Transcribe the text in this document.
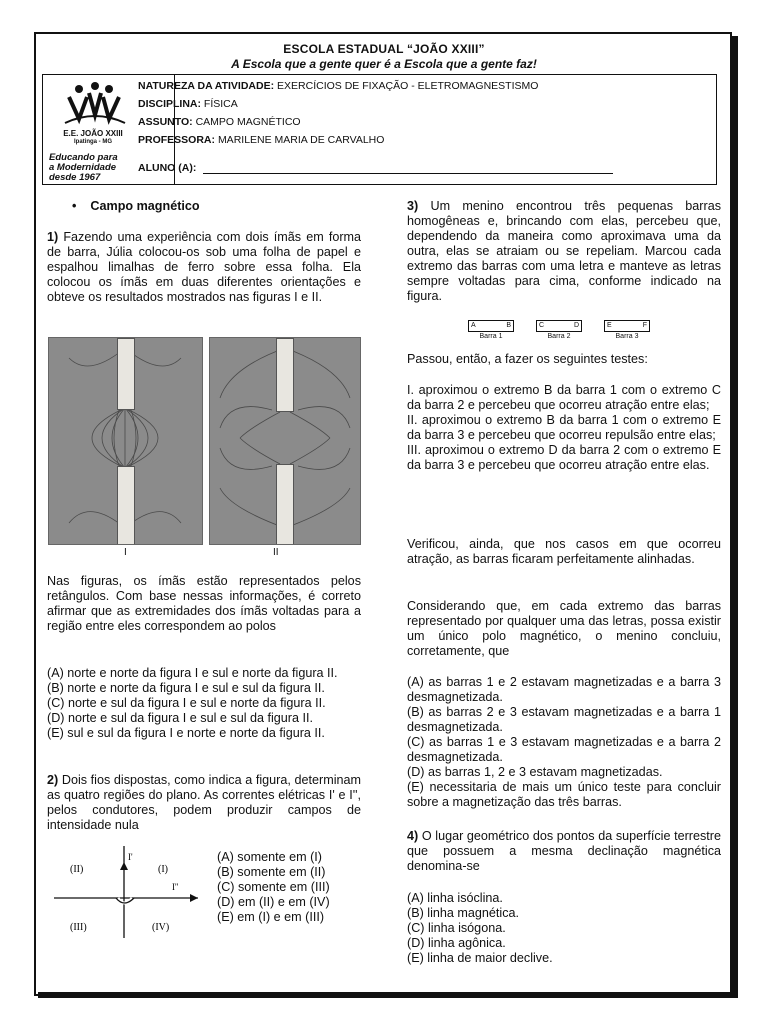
ESCOLA ESTADUAL “JOÃO XXIII”
A Escola que a gente quer é a Escola que a gente faz!
E.E. JOÃO XXIII
Ipatinga - MG
Educando para
a Modernidade
desde 1967
NATUREZA DA ATIVIDADE: EXERCÍCIOS DE FIXAÇÃO - ELETROMAGNESTISMO
DISCIPLINA: FÍSICA
ASSUNTO: CAMPO MAGNÉTICO
PROFESSORA: MARILENE MARIA DE CARVALHO
ALUNO (A):
• Campo magnético

1) Fazendo uma experiência com dois ímãs em forma de barra, Júlia colocou-os sob uma folha de papel e espalhou limalhas de ferro sobre essa folha. Ela colocou os ímãs em duas diferentes orientações e obteve os resultados mostrados nas figuras I e II.

I	II

Nas figuras, os ímãs estão representados pelos retângulos. Com base nessas informações, é correto afirmar que as extremidades dos ímãs voltadas para a região entre eles correspondem ao polos

(A) norte e norte da figura I e sul e norte da figura II.

(B) norte e norte da figura I e sul e sul da figura II.

(C) norte e sul da figura I e sul e norte da figura II.

(D) norte e sul da figura I e sul e sul da figura II.

(E) sul e sul da figura I e norte e norte da figura II.

2) Dois fios dispostas, como indica a figura, determinam as quatro regiões do plano. As correntes elétricas I' e I'', pelos condutores, podem produzir campos de intensidade nula

I'
I''
(II)	(I)
(III)	(IV)

(A) somente em (I)

(B) somente em (II)

(C) somente em (III)

(D) em (II) e em (IV)

(E) em (I) e em (III)

3) Um menino encontrou três pequenas barras homogêneas e, brincando com elas, percebeu que, dependendo da maneira como aproximava uma da outra, elas se atraiam ou se repeliam. Marcou cada extremo das barras com uma letra e manteve as letras sempre voltadas para cima, conforme indicado na figura.

A	B
Barra 1
C	D
Barra 2
E	F
Barra 3
Passou, então, a fazer os seguintes testes:

I. aproximou o extremo B da barra 1 com o extremo C da barra 2 e percebeu que ocorreu atração entre elas;

II. aproximou o extremo B da barra 1 com o extremo E da barra 3 e percebeu que ocorreu repulsão entre elas;

III. aproximou o extremo D da barra 2 com o extremo E da barra 3 e percebeu que ocorreu atração entre elas.

Verificou, ainda, que nos casos em que ocorreu atração, as barras ficaram perfeitamente alinhadas.
Considerando que, em cada extremo das barras representado por qualquer uma das letras, possa existir um único polo magnético, o menino concluiu, corretamente, que

(A) as barras 1 e 2 estavam magnetizadas e a barra 3 desmagnetizada.

(B) as barras 2 e 3 estavam magnetizadas e a barra 1 desmagnetizada.

(C) as barras 1 e 3 estavam magnetizadas e a barra 2 desmagnetizada.

(D) as barras 1, 2 e 3 estavam magnetizadas.

(E) necessitaria de mais um único teste para concluir sobre a magnetização das três barras.

4) O lugar geométrico dos pontos da superfície terrestre que possuem a mesma declinação magnética denomina-se

(A) linha isóclina.

(B) linha magnética.

(C) linha isógona.

(D) linha agônica.

(E) linha de maior declive.
